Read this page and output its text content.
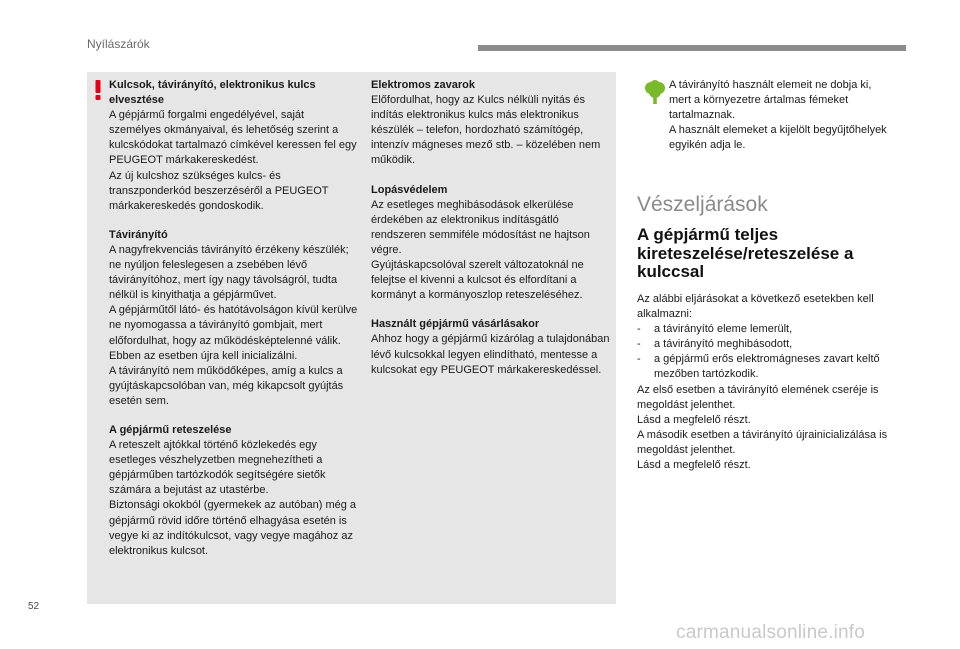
Nyílászárók
Kulcsok, távirányító, elektronikus kulcs elvesztése
A gépjármű forgalmi engedélyével, saját személyes okmányaival, és lehetőség szerint a kulcskódokat tartalmazó címkével keressen fel egy PEUGEOT márkakereskedést.
Az új kulcshoz szükséges kulcs- és transzponderkód beszerzéséről a PEUGEOT márkakereskedés gondoskodik.
Távirányító
A nagyfrekvenciás távirányító érzékeny készülék; ne nyúljon feleslegesen a zsebében lévő távirányítóhoz, mert így nagy távolságról, tudta nélkül is kinyithatja a gépjárművet.
A gépjárműtől látó- és hatótávolságon kívül kerülve ne nyomogassa a távirányító gombjait, mert előfordulhat, hogy az működésképtelenné válik. Ebben az esetben újra kell inicializálni.
A távirányító nem működőképes, amíg a kulcs a gyújtáskapcsolóban van, még kikapcsolt gyújtás esetén sem.
A gépjármű reteszelése
A reteszelt ajtókkal történő közlekedés egy esetleges vészhelyzetben megnehezítheti a gépjárműben tartózkodók segítségére sietők számára a bejutást az utastérbe.
Biztonsági okokból (gyermekek az autóban) még a gépjármű rövid időre történő elhagyása esetén is vegye ki az indítókulcsot, vagy vegye magához az elektronikus kulcsot.
Elektromos zavarok
Előfordulhat, hogy az Kulcs nélküli nyitás és indítás elektronikus kulcs más elektronikus készülék – telefon, hordozható számítógép, intenzív mágneses mező stb. – közelében nem működik.
Lopásvédelem
Az esetleges meghibásodások elkerülése érdekében az elektronikus indításgátló rendszeren semmiféle módosítást ne hajtson végre.
Gyújtáskapcsolóval szerelt változatoknál ne felejtse el kivenni a kulcsot és elfordítani a kormányt a kormányoszlop reteszeléséhez.
Használt gépjármű vásárlásakor
Ahhoz hogy a gépjármű kizárólag a tulajdonában lévő kulcsokkal legyen elindítható, mentesse a kulcsokat egy PEUGEOT márkakereskedéssel.
A távirányító használt elemeit ne dobja ki, mert a környezetre ártalmas fémeket tartalmaznak.
A használt elemeket a kijelölt begyűjtőhelyek egyikén adja le.
Vészeljárások
A gépjármű teljes kireteszelése/reteszelése a kulccsal
Az alábbi eljárásokat a következő esetekben kell alkalmazni:
- a távirányító eleme lemerült,
- a távirányító meghibásodott,
- a gépjármű erős elektromágneses zavart keltő mezőben tartózkodik.
Az első esetben a távirányító elemének cseréje is megoldást jelenthet.
Lásd a megfelelő részt.
A második esetben a távirányító újrainicializálása is megoldást jelenthet.
Lásd a megfelelő részt.
52
carmanualsonline.info
